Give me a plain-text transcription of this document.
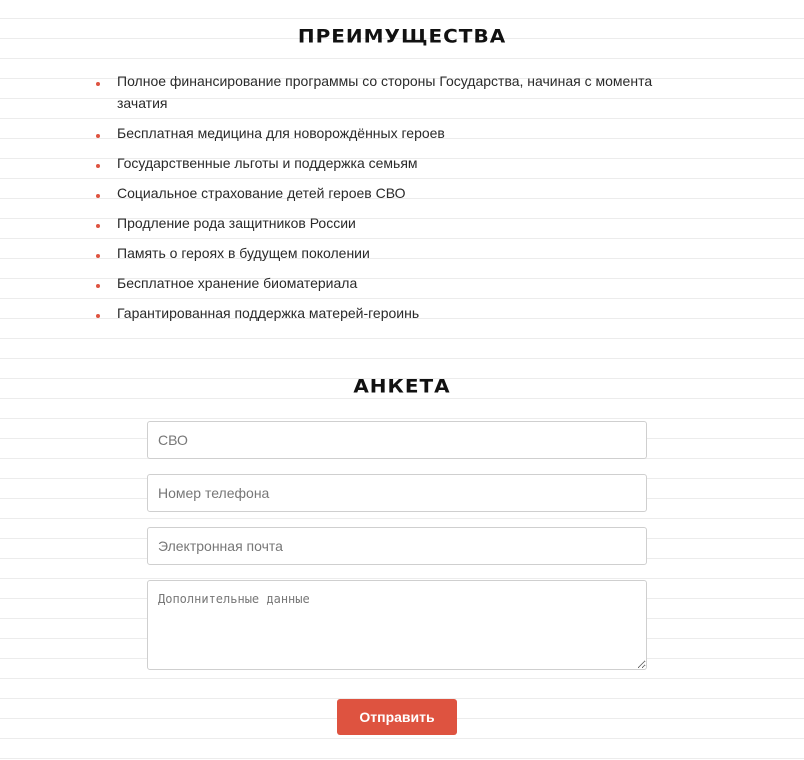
ПРЕИМУЩЕСТВА
Полное финансирование программы со стороны Государства, начиная с момента зачатия
Бесплатная медицина для новорождённых героев
Государственные льготы и поддержка семьям
Социальное страхование детей героев СВО
Продление рода защитников России
Память о героях в будущем поколении
Бесплатное хранение биоматериала
Гарантированная поддержка матерей-героинь
АНКЕТА
СВО
Номер телефона
Электронная почта
Дополнительные данные
Отправить
